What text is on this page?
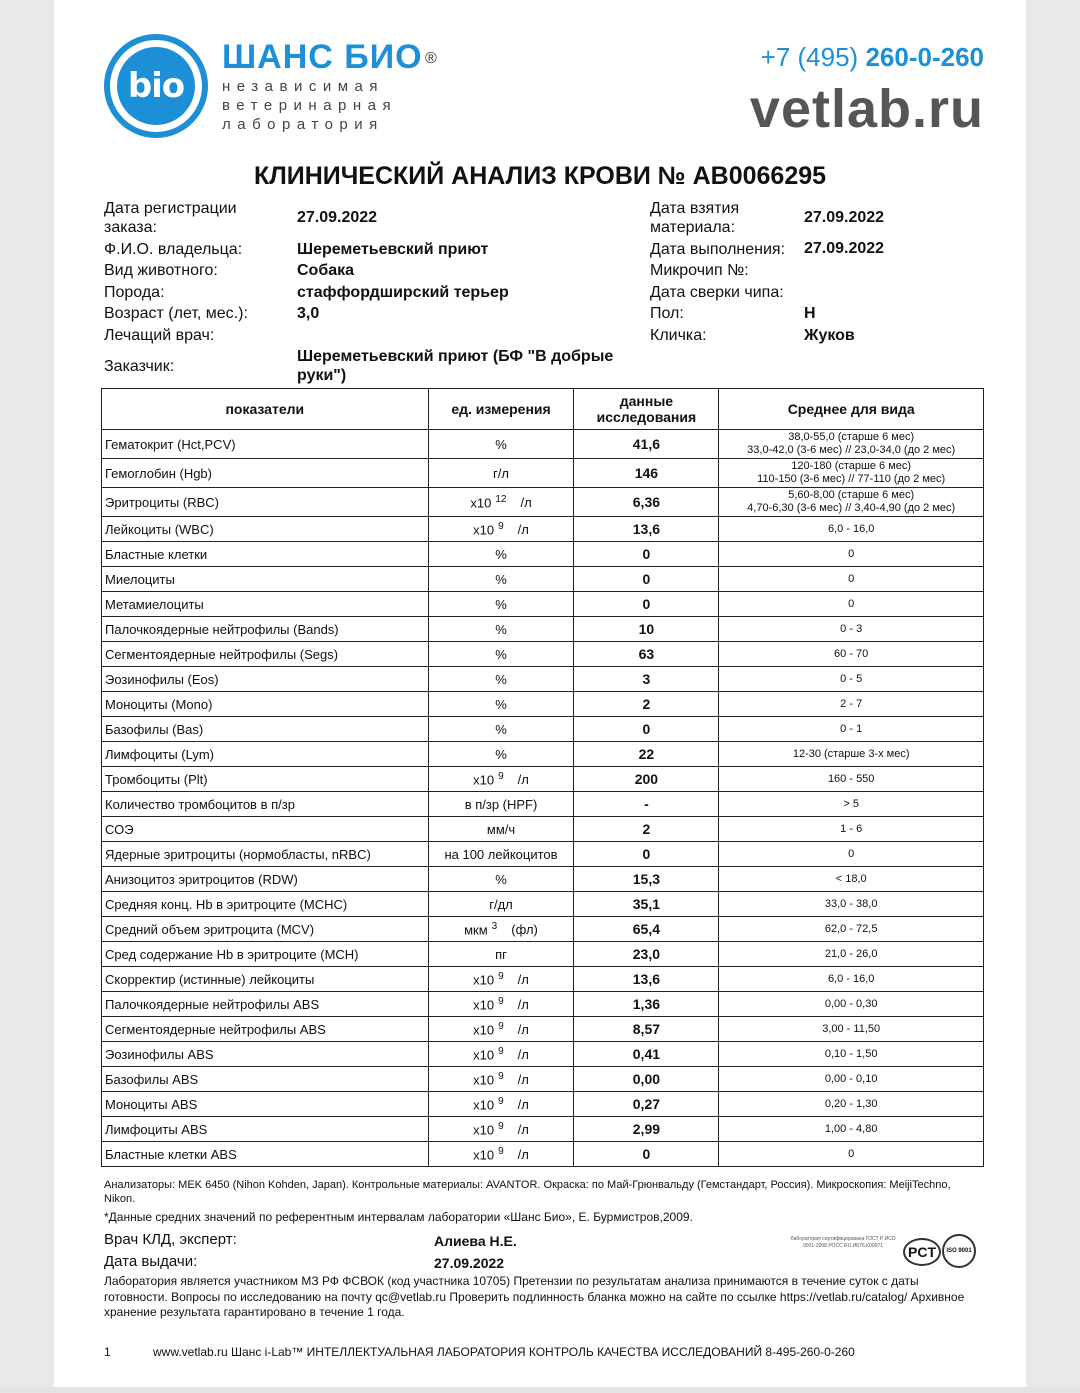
bio
ШАНС БИО ®
независимая
ветеринарная
лаборатория
+7 (495) 260-0-260
vetlab.ru
КЛИНИЧЕСКИЙ АНАЛИЗ КРОВИ № AB0066295
Дата регистрации заказа:
27.09.2022
Ф.И.О. владельца:	Шереметьевский приют
Вид животного:	Собака
Порода:	стаффордширский терьер
Возраст (лет, мес.):	3,0
Лечащий врач:
Заказчик:
Шереметьевский приют (БФ "В добрые руки")
Дата взятия материала:
27.09.2022
Дата выполнения: 27.09.2022
Микрочип №:
Дата сверки чипа:
Пол:	Н
Кличка:	Жуков
показатели	ед. измерения	данные исследования	Среднее для вида
Гематокрит (Hct,PCV)	%	41,6	38,0-55,0 (старше 6 мес)
33,0-42,0 (3-6 мес) // 23,0-34,0 (до 2 мес)

Гемоглобин (Hgb)	г/л	146	120-180 (старше 6 мес)
110-150 (3-6 мес) // 77-110 (до 2 мес)

Эритроциты (RBC)	x10 $^{12}$ /л	6,36	5,60-8,00 (старше 6 мес)
4,70-6,30 (3-6 мес) // 3,40-4,90 (до 2 мес)

Лейкоциты (WBC)	x10 $^9$ /л	13,6	6,0 - 16,0

Бластные клетки	%	0	0

Миелоциты	%	0	0

Метамиелоциты	%	0	0

Палочкоядерные нейтрофилы (Bands)	%	10	0 - 3

Сегментоядерные нейтрофилы (Segs)	%	63	60 - 70

Эозинофилы (Eos)	%	3	0 - 5

Моноциты (Mono)	%	2	2 - 7

Базофилы (Bas)	%	0	0 - 1

Лимфоциты (Lym)	%	22	12-30 (старше 3-х мес)

Тромбоциты (Plt)	x10 $^9$ /л	200	160 - 550

Количество тромбоцитов в п/зр	в п/зр (HPF)	-	> 5

СОЭ	мм/ч	2	1 - 6

Ядерные эритроциты (нормобласты, nRBC)	на 100 лейкоцитов	0	0

Анизоцитоз эритроцитов (RDW)	%	15,3	< 18,0

Средняя конц. Hb в эритроците (MCHC)	г/дл	35,1	33,0 - 38,0

Средний объем эритроцита (MCV)	мкм $^3$ (фл)	65,4	62,0 - 72,5

Сред содержание Hb в эритроците (MCH)	пг	23,0	21,0 - 26,0

Скорректир (истинные) лейкоциты	x10 $^9$ /л	13,6	6,0 - 16,0

Палочкоядерные нейтрофилы ABS	x10 $^9$ /л	1,36	0,00 - 0,30

Сегментоядерные нейтрофилы ABS	x10 $^9$ /л	8,57	3,00 - 11,50

Эозинофилы ABS	x10 $^9$ /л	0,41	0,10 - 1,50

Базофилы ABS	x10 $^9$ /л	0,00	0,00 - 0,10

Моноциты ABS	x10 $^9$ /л	0,27	0,20 - 1,30

Лимфоциты ABS	x10 $^9$ /л	2,99	1,00 - 4,80

Бластные клетки ABS	x10 $^9$ /л	0	0
Анализаторы: MEK 6450 (Nihon Kohden, Japan). Контрольные материалы: AVANTOR. Окраска: по Май-Грюнвальду (Гемстандарт, Россия). Микроскопия: MeijiTechno, Nikon.
*Данные средних значений по референтным интервалам лаборатории «Шанс Био», Е. Бурмистров,2009.
Врач КЛД, эксперт:	Алиева Н.Е.
Дата выдачи:	27.09.2022
Лаборатория сертифицирована ГОСТ Р ИСО 9001-2008 РОСС RU.ИК76.К00071	PCT	ISO 9001
Лаборатория является участником МЗ РФ ФСВОК (код участника 10705) Претензии по результатам анализа принимаются в течение суток с даты готовности. Вопросы по исследованию на почту qc@vetlab.ru Проверить подлинность бланка можно на сайте по ссылке https://vetlab.ru/catalog/ Архивное хранение результата гарантировано в течение 1 года.
1	www.vetlab.ru Шанс i-Lab™ ИНТЕЛЛЕКТУАЛЬНАЯ ЛАБОРАТОРИЯ КОНТРОЛЬ КАЧЕСТВА ИССЛЕДОВАНИЙ 8-495-260-0-260
